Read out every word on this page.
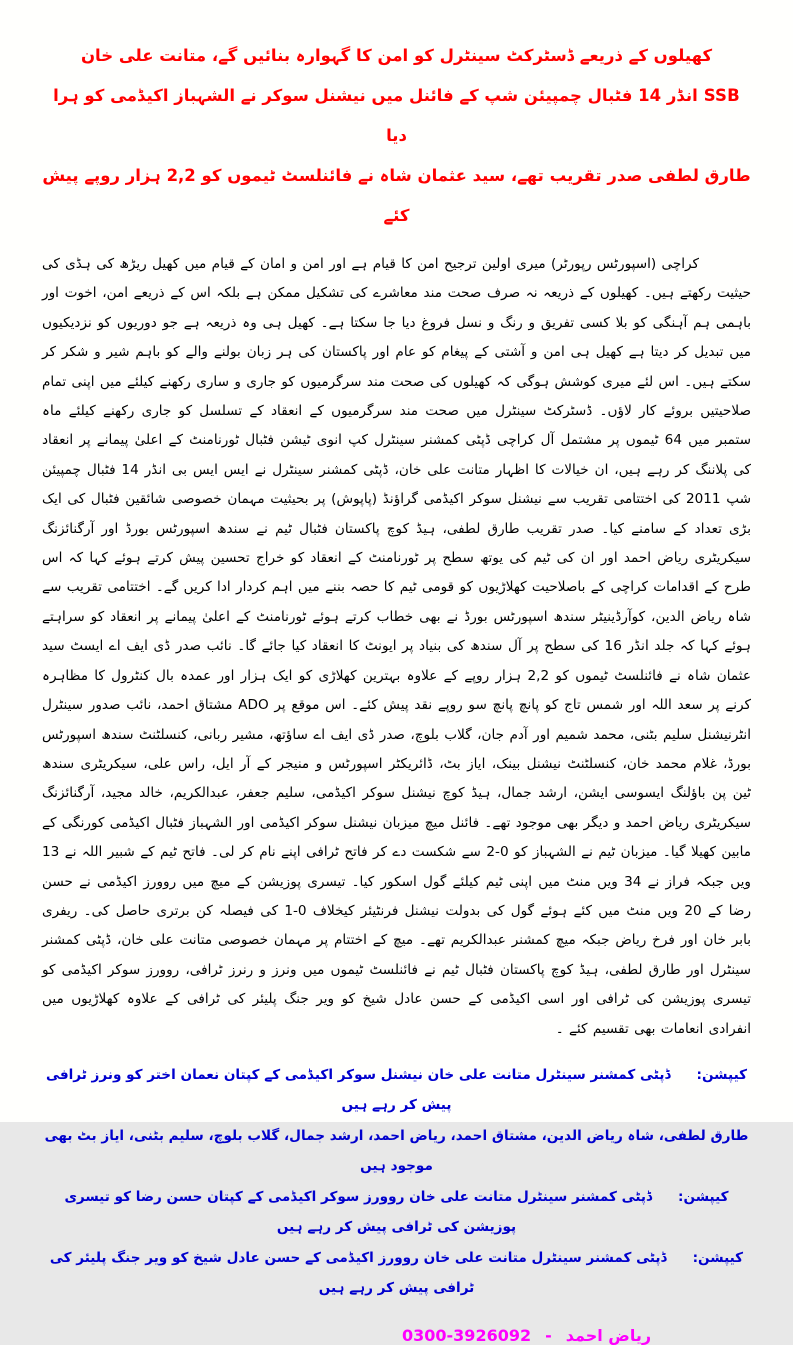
کھیلوں کے ذریعے ڈسٹرکٹ سینٹرل کو امن کا گہوارہ بنائیں گے، متانت علی خان
SSB انڈر 14 فٹبال چمپیئن شپ کے فائنل میں نیشنل سوکر نے الشہباز اکیڈمی کو ہرا دیا
طارق لطفی صدر تقریب تھے، سید عثمان شاہ نے فائنلسٹ ٹیموں کو 2,2 ہزار روپے پیش کئے

کراچی (اسپورٹس رپورٹر) میری اولین ترجیح امن کا قیام ہے اور امن و امان کے قیام میں کھیل ریڑھ کی ہڈی کی حیثیت رکھتے ہیں۔ کھیلوں کے ذریعہ نہ صرف صحت مند معاشرے کی تشکیل ممکن ہے بلکہ اس کے ذریعے امن، اخوت اور باہمی ہم آہنگی کو بلا کسی تفریق و رنگ و نسل فروغ دیا جا سکتا ہے۔ کھیل ہی وہ ذریعہ ہے جو دوریوں کو نزدیکیوں میں تبدیل کر دیتا ہے کھیل ہی امن و آشتی کے پیغام کو عام اور پاکستان کی ہر زبان بولنے والے کو باہم شیر و شکر کر سکتے ہیں۔ اس لئے میری کوشش ہوگی کہ کھیلوں کی صحت مند سرگرمیوں کو جاری و ساری رکھنے کیلئے میں اپنی تمام صلاحیتیں بروئے کار لاؤں۔ ڈسٹرکٹ سینٹرل میں صحت مند سرگرمیوں کے انعقاد کے تسلسل کو جاری رکھنے کیلئے ماہ ستمبر میں 64 ٹیموں پر مشتمل آل کراچی ڈپٹی کمشنر سینٹرل کپ انوی ٹیشن فٹبال ٹورنامنٹ کے اعلیٰ پیمانے پر انعقاد کی پلاننگ کر رہے ہیں، ان خیالات کا اظہار متانت علی خان، ڈپٹی کمشنر سینٹرل نے ایس ایس بی انڈر 14 فٹبال چمپیئن شپ 2011 کی اختتامی تقریب سے نیشنل سوکر اکیڈمی گراؤنڈ (پاپوش) پر بحیثیت مہمان خصوصی شائقین فٹبال کی ایک بڑی تعداد کے سامنے کیا۔ صدر تقریب طارق لطفی، ہیڈ کوچ پاکستان فٹبال ٹیم نے سندھ اسپورٹس بورڈ اور آرگنائزنگ سیکریٹری ریاض احمد اور ان کی ٹیم کی یوتھ سطح پر ٹورنامنٹ کے انعقاد کو خراج تحسین پیش کرتے ہوئے کہا کہ اس طرح کے اقدامات کراچی کے باصلاحیت کھلاڑیوں کو قومی ٹیم کا حصہ بننے میں اہم کردار ادا کریں گے۔ اختتامی تقریب سے شاہ ریاض الدین، کوآرڈینیٹر سندھ اسپورٹس بورڈ نے بھی خطاب کرتے ہوئے ٹورنامنٹ کے اعلیٰ پیمانے پر انعقاد کو سراہتے ہوئے کہا کہ جلد انڈر 16 کی سطح پر آل سندھ کی بنیاد پر ایونٹ کا انعقاد کیا جائے گا۔ نائب صدر ڈی ایف اے ایسٹ سید عثمان شاہ نے فائنلسٹ ٹیموں کو 2,2 ہزار روپے کے علاوہ بہترین کھلاڑی کو ایک ہزار اور عمدہ بال کنٹرول کا مظاہرہ کرنے پر سعد اللہ اور شمس تاج کو پانچ پانچ سو روپے نقد پیش کئے۔ اس موقع پر ADO مشتاق احمد، نائب صدور سینٹرل انٹرنیشنل سلیم بٹنی، محمد شمیم اور آدم جان، گلاب بلوچ، صدر ڈی ایف اے ساؤتھ، مشیر ربانی، کنسلٹنٹ سندھ اسپورٹس بورڈ، غلام محمد خان، کنسلٹنٹ نیشنل بینک، ایاز بٹ، ڈائریکٹر اسپورٹس و منیجر کے آر ایل، راس علی، سیکریٹری سندھ ٹین پن باؤلنگ ایسوسی ایشن، ارشد جمال، ہیڈ کوچ نیشنل سوکر اکیڈمی، سلیم جعفر، عبدالکریم، خالد مجید، آرگنائزنگ سیکریٹری ریاض احمد و دیگر بھی موجود تھے۔ فائنل میچ میزبان نیشنل سوکر اکیڈمی اور الشہباز فٹبال اکیڈمی کورنگی کے مابین کھیلا گیا۔ میزبان ٹیم نے الشہباز کو 0-2 سے شکست دے کر فاتح ٹرافی اپنے نام کر لی۔ فاتح ٹیم کے شبیر اللہ نے 13 ویں جبکہ فراز نے 34 ویں منٹ میں اپنی ٹیم کیلئے گول اسکور کیا۔ تیسری پوزیشن کے میچ میں روورز اکیڈمی نے حسن رضا کے 20 ویں منٹ میں کئے ہوئے گول کی بدولت نیشنل فرنٹیئر کیخلاف 0-1 کی فیصلہ کن برتری حاصل کی۔ ریفری بابر خان اور فرخ ریاض جبکہ میچ کمشنر عبدالکریم تھے۔ میچ کے اختتام پر مہمان خصوصی متانت علی خان، ڈپٹی کمشنر سینٹرل اور طارق لطفی، ہیڈ کوچ پاکستان فٹبال ٹیم نے فائنلسٹ ٹیموں میں ونرز و رنرز ٹرافی، روورز سوکر اکیڈمی کو تیسری پوزیشن کی ٹرافی اور اسی اکیڈمی کے حسن عادل شیخ کو ویر جنگ پلیئر کی ٹرافی کے علاوہ کھلاڑیوں میں انفرادی انعامات بھی تقسیم کئے ۔

کیپشن:ڈپٹی کمشنر سینٹرل متانت علی خان نیشنل سوکر اکیڈمی کے کپتان نعمان اختر کو ونرز ٹرافی پیش کر رہے ہیں
طارق لطفی، شاہ ریاض الدین، مشتاق احمد، ریاض احمد، ارشد جمال، گلاب بلوچ، سلیم بٹنی، ایاز بٹ بھی موجود ہیں
کیپشن:ڈپٹی کمشنر سینٹرل متانت علی خان روورز سوکر اکیڈمی کے کپتان حسن رضا کو تیسری پوزیشن کی ٹرافی پیش کر رہے ہیں
کیپشن:ڈپٹی کمشنر سینٹرل متانت علی خان روورز اکیڈمی کے حسن عادل شیخ کو ویر جنگ پلیئر کی ٹرافی پیش کر رہے ہیں
ریاض احمد-0300-3926092
